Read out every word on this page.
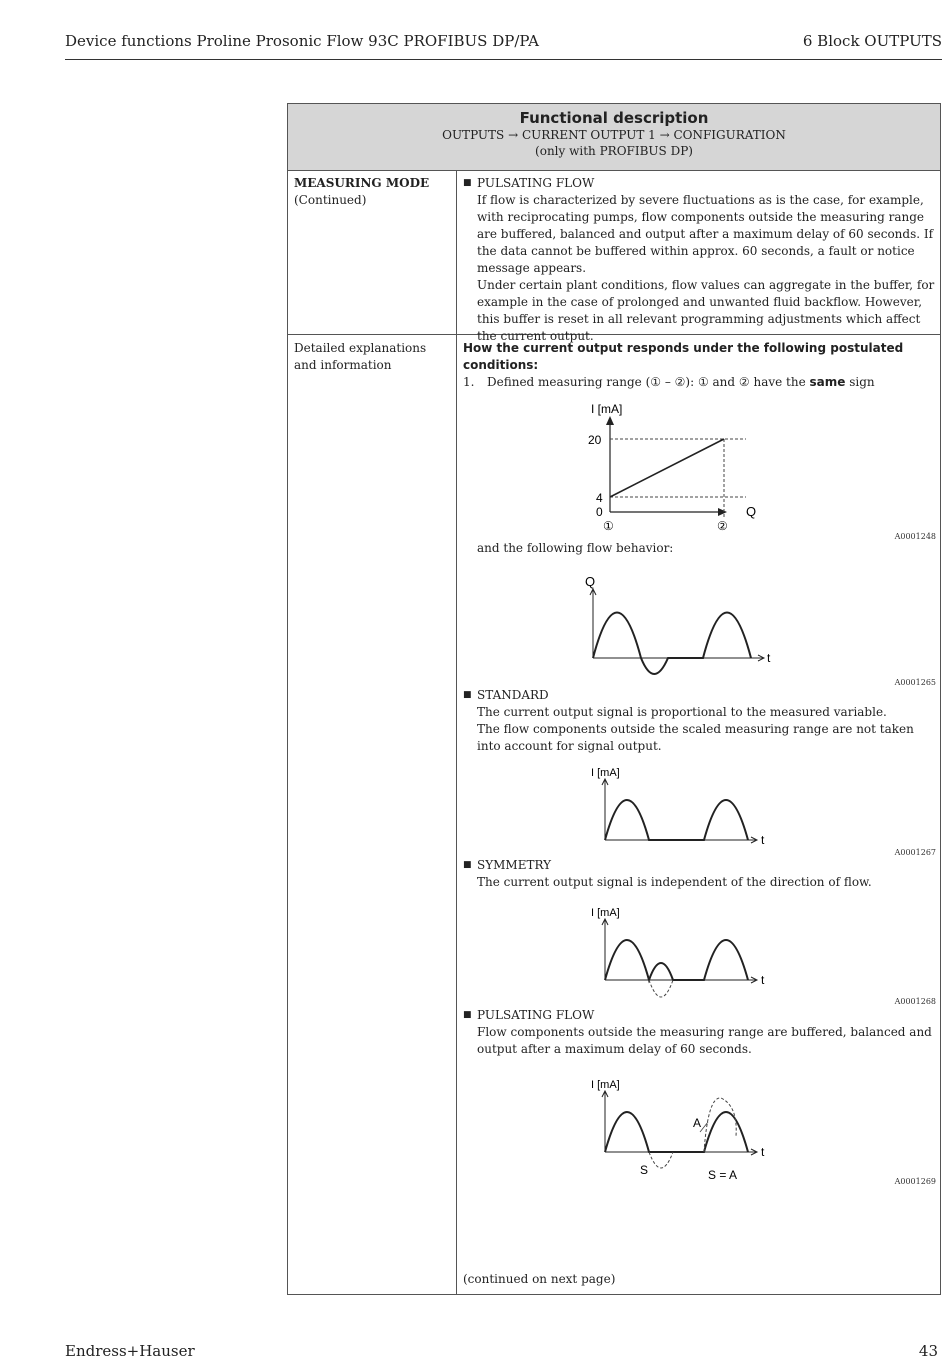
Device functions Proline Prosonic Flow 93C PROFIBUS DP/PA	6 Block OUTPUTS
Functional description
OUTPUTS → CURRENT OUTPUT 1 → CONFIGURATION
(only with PROFIBUS DP)
MEASURING MODE
(Continued)
■ PULSATING FLOW
If flow is characterized by severe fluctuations as is the case, for example, with reciprocating pumps, flow components outside the measuring range are buffered, balanced and output after a maximum delay of 60 seconds. If the data cannot be buffered within approx. 60 seconds, a fault or notice message appears.
Under certain plant conditions, flow values can aggregate in the buffer, for example in the case of prolonged and unwanted fluid backflow. However, this buffer is reset in all relevant programming adjustments which affect the current output.
Detailed explanations and information
How the current output responds under the following postulated conditions:
1. Defined measuring range (① – ②): ① and ② have the same sign
I [mA]
20
4
0	Q
①	②
A0001248
and the following flow behavior:
Q
t
A0001265
■ STANDARD
The current output signal is proportional to the measured variable.
The flow components outside the scaled measuring range are not taken into account for signal output.
I [mA]
t
A0001267
■ SYMMETRY
The current output signal is independent of the direction of flow.
I [mA]
t
A0001268
■ PULSATING FLOW
Flow components outside the measuring range are buffered, balanced and output after a maximum delay of 60 seconds.
I [mA]
A
S	S = A
t
A0001269
(continued on next page)
Endress+Hauser	43
